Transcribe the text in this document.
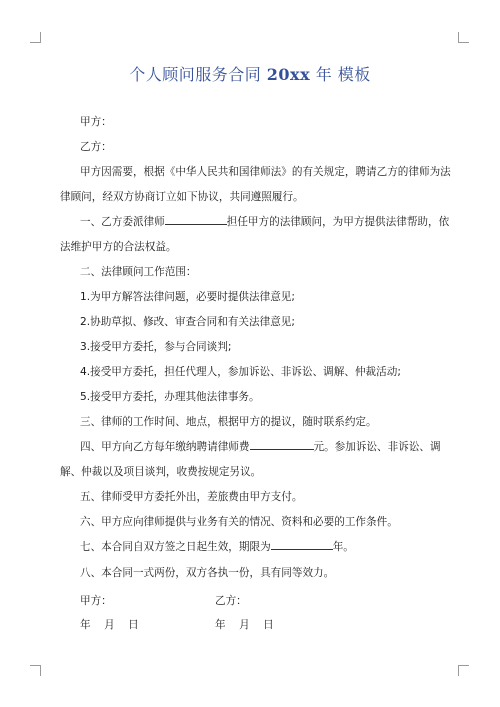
个人顾问服务合同 20xx 年 模板
甲方：
乙方：
甲方因需要，根据《中华人民共和国律师法》的有关规定，聘请乙方的律师为法
律顾问，经双方协商订立如下协议，共同遵照履行。
一、乙方委派律师	担任甲方的法律顾问，为甲方提供法律帮助，依
法维护甲方的合法权益。
二、法律顾问工作范围：
1.为甲方解答法律问题，必要时提供法律意见;
2.协助草拟、修改、审查合同和有关法律意见;
3.接受甲方委托，参与合同谈判;
4.接受甲方委托，担任代理人，参加诉讼、非诉讼、调解、仲裁活动;
5.接受甲方委托，办理其他法律事务。
三、律师的工作时间、地点，根据甲方的提议，随时联系约定。
四、甲方向乙方每年缴纳聘请律师费	元。参加诉讼、非诉讼、调
解、仲裁以及项目谈判，收费按规定另议。
五、律师受甲方委托外出，差旅费由甲方支付。
六、甲方应向律师提供与业务有关的情况、资料和必要的工作条件。
七、本合同自双方签之日起生效，期限为	年。
八、本合同一式两份，双方各执一份，具有同等效力。
甲方：	乙方：
年    月    日	年    月    日
